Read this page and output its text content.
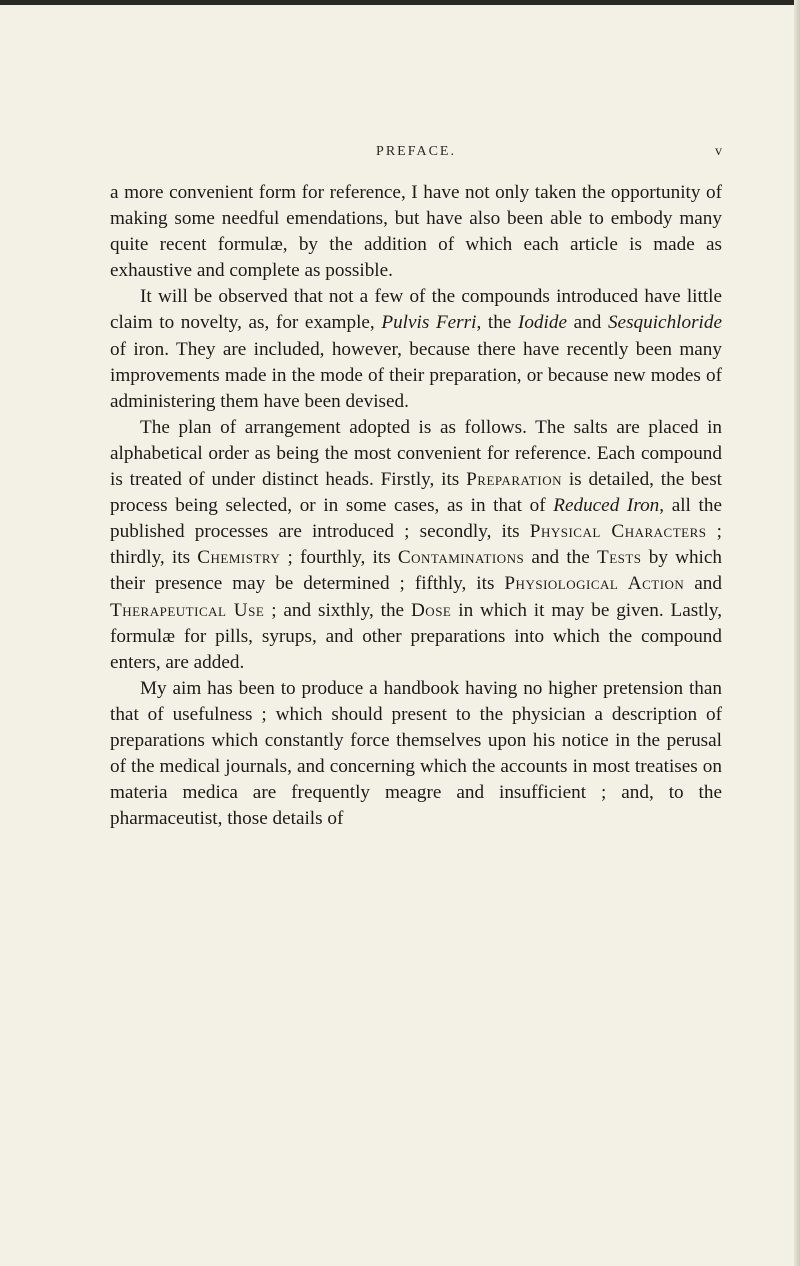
PREFACE.	v

a more convenient form for reference, I have not only taken the opportunity of making some needful emendations, but have also been able to embody many quite recent formulæ, by the addition of which each article is made as exhaustive and complete as possible.

It will be observed that not a few of the compounds introduced have little claim to novelty, as, for example, Pulvis Ferri, the Iodide and Sesquichloride of iron. They are included, however, because there have recently been many improvements made in the mode of their preparation, or because new modes of administering them have been devised.

The plan of arrangement adopted is as follows. The salts are placed in alphabetical order as being the most convenient for reference. Each compound is treated of under distinct heads. Firstly, its Preparation is detailed, the best process being selected, or in some cases, as in that of Reduced Iron, all the published processes are introduced ; secondly, its Physical Characters ; thirdly, its Chemistry ; fourthly, its Contaminations and the Tests by which their presence may be determined ; fifthly, its Physiological Action and Therapeutical Use ; and sixthly, the Dose in which it may be given. Lastly, formulæ for pills, syrups, and other preparations into which the compound enters, are added.

My aim has been to produce a handbook having no higher pretension than that of usefulness ; which should present to the physician a description of preparations which constantly force themselves upon his notice in the perusal of the medical journals, and concerning which the accounts in most treatises on materia medica are frequently meagre and insufficient ; and, to the pharmaceutist, those details of
